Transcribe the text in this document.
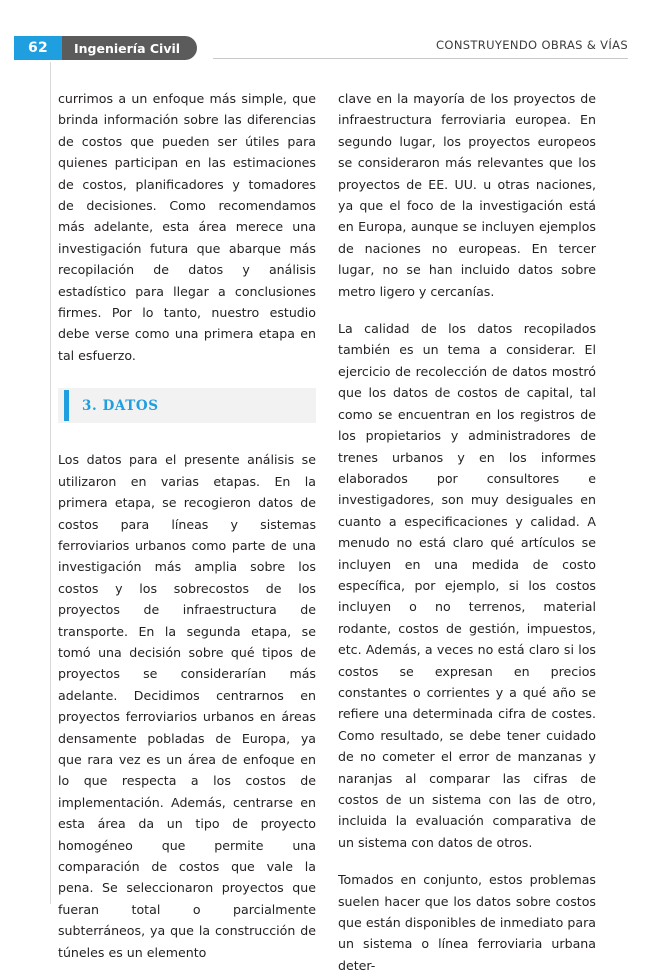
62	Ingeniería Civil	CONSTRUYENDO OBRAS & VÍAS

currimos a un enfoque más simple, que brinda información sobre las diferencias de costos que pueden ser útiles para quienes participan en las estimaciones de costos, planificadores y tomadores de decisiones. Como recomendamos más adelante, esta área merece una investigación futura que abarque más recopilación de datos y análisis estadístico para llegar a conclusiones firmes. Por lo tanto, nuestro estudio debe verse como una primera etapa en tal esfuerzo.

3. DATOS

Los datos para el presente análisis se utilizaron en varias etapas. En la primera etapa, se recogieron datos de costos para líneas y sistemas ferroviarios urbanos como parte de una investigación más amplia sobre los costos y los sobrecostos de los proyectos de infraestructura de transporte. En la segunda etapa, se tomó una decisión sobre qué tipos de proyectos se considerarían más adelante. Decidimos centrarnos en proyectos ferroviarios urbanos en áreas densamente pobladas de Europa, ya que rara vez es un área de enfoque en lo que respecta a los costos de implementación. Además, centrarse en esta área da un tipo de proyecto homogéneo que permite una comparación de costos que vale la pena. Se seleccionaron proyectos que fueran total o parcialmente subterráneos, ya que la construcción de túneles es un elemento

clave en la mayoría de los proyectos de infraestructura ferroviaria europea. En segundo lugar, los proyectos europeos se consideraron más relevantes que los proyectos de EE. UU. u otras naciones, ya que el foco de la investigación está en Europa, aunque se incluyen ejemplos de naciones no europeas. En tercer lugar, no se han incluido datos sobre metro ligero y cercanías.

La calidad de los datos recopilados también es un tema a considerar. El ejercicio de recolección de datos mostró que los datos de costos de capital, tal como se encuentran en los registros de los propietarios y administradores de trenes urbanos y en los informes elaborados por consultores e investigadores, son muy desiguales en cuanto a especificaciones y calidad. A menudo no está claro qué artículos se incluyen en una medida de costo específica, por ejemplo, si los costos incluyen o no terrenos, material rodante, costos de gestión, impuestos, etc. Además, a veces no está claro si los costos se expresan en precios constantes o corrientes y a qué año se refiere una determinada cifra de costes. Como resultado, se debe tener cuidado de no cometer el error de manzanas y naranjas al comparar las cifras de costos de un sistema con las de otro, incluida la evaluación comparativa de un sistema con datos de otros.

Tomados en conjunto, estos problemas suelen hacer que los datos sobre costos que están disponibles de inmediato para un sistema o línea ferroviaria urbana deter-
